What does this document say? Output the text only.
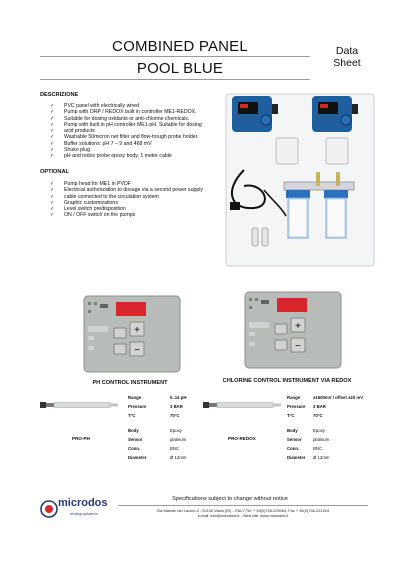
COMBINED PANEL
POOL BLUE
Data
Sheet
DESCRIZIONE
✓ PVC panel with electrically wired
✓ Pump with ORP / REDOX built in controller ME1-REDOX.
✓ Suitable for dosing oxidants or anti-chlorine chemicals.
✓ Pump with built in pH controller ME1-pH. Suitable for dosing
✓ acid products
✓ Washable 50micron net filter and flow-trough probe holder.
✓ Buffer solutions: pH 7 – 9 and 468 mV
✓ Shuko plug
✓ pH and redox probe epoxy body, 1 meter cable
OPTIONAL
✓ Pump head for ME1 in PVDF
✓ Electrical authorization to dosage via a second power supply
✓ cable connected to the circulation system
✓ Graphic customizations
✓ Level switch predisposition
✓ ON / OFF switch on the pumps
+
−
+
−
PH CONTROL INSTRUMENT	CHLORINE CONTROL INSTRUMENT VIA REDOX
Range	0..14 pH
Pressure	3 BAR
T°C	70°C
Body	Epoxy
Sensor	platinum
Conn.	BNC
Diameter	Ø 12mm
PRO-PH
Range	±1500mV / offset ±20 mV
Pressure 3 BAR
T°C	70°C
Body	Epoxy
Sensor	platinum
Conn.	BNC
Diameter Ø 12mm
PRO-REDOX
microdos
dosing systems
Specifications subject to change without notice
Via Maestri del Lavoro,3 - 02100 Vazia (RI) - ITALY Tel. + 39(0)746-229064, Fax + 39(0)746-221224
e-mail: info@microdos.it - Web site: www.microdos.it
